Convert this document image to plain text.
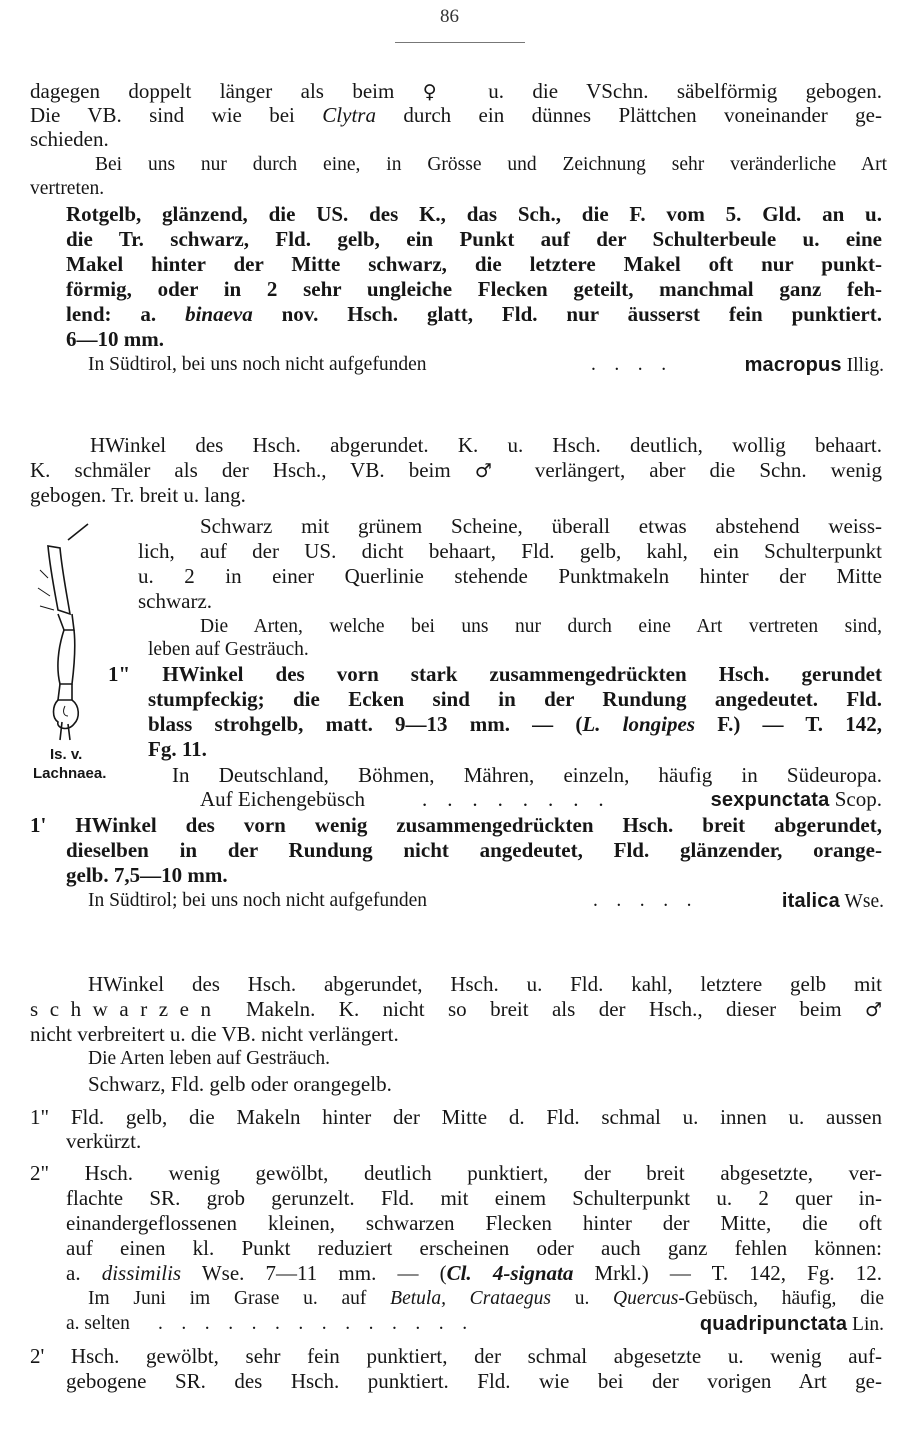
86
dagegen doppelt länger als beim ♀ u. die VSchn. säbelförmig gebogen.
Die VB. sind wie bei Clytra durch ein dünnes Plättchen voneinander ge-
schieden.
Bei uns nur durch eine, in Grösse und Zeichnung sehr veränderliche Art
vertreten.
Rotgelb, glänzend, die US. des K., das Sch., die F. vom 5. Gld. an u.
die Tr. schwarz, Fld. gelb, ein Punkt auf der Schulterbeule u. eine
Makel hinter der Mitte schwarz, die letztere Makel oft nur punkt-
förmig, oder in 2 sehr ungleiche Flecken geteilt, manchmal ganz feh-
lend: a. binaeva nov. Hsch. glatt, Fld. nur äusserst fein punktiert.
6—10 mm.
In Südtirol, bei uns noch nicht aufgefunden	. . . .	macropus Illig.
HWinkel des Hsch. abgerundet. K. u. Hsch. deutlich, wollig behaart.
K. schmäler als der Hsch., VB. beim ♂ verlängert, aber die Schn. wenig
gebogen. Tr. breit u. lang.
Is. v.
Lachnaea.
Schwarz mit grünem Scheine, überall etwas abstehend weiss-
lich, auf der US. dicht behaart, Fld. gelb, kahl, ein Schulterpunkt
u. 2 in einer Querlinie stehende Punktmakeln hinter der Mitte
schwarz.
Die Arten, welche bei uns nur durch eine Art vertreten sind,
leben auf Gesträuch.
1" HWinkel des vorn stark zusammengedrückten Hsch. gerundet
stumpfeckig; die Ecken sind in der Rundung angedeutet. Fld.
blass strohgelb, matt. 9—13 mm. — (L. longipes F.) — T. 142,
Fg. 11.
In Deutschland, Böhmen, Mähren, einzeln, häufig in Südeuropa.
Auf Eichengebüsch	. . . . . . . .	sexpunctata Scop.
1' HWinkel des vorn wenig zusammengedrückten Hsch. breit abgerundet,
dieselben in der Rundung nicht angedeutet, Fld. glänzender, orange-
gelb. 7,5—10 mm.
In Südtirol; bei uns noch nicht aufgefunden	. . . . .	italica Wse.
HWinkel des Hsch. abgerundet, Hsch. u. Fld. kahl, letztere gelb mit
schwarzen Makeln. K. nicht so breit als der Hsch., dieser beim ♂
nicht verbreitert u. die VB. nicht verlängert.
Die Arten leben auf Gesträuch.
Schwarz, Fld. gelb oder orangegelb.
1" Fld. gelb, die Makeln hinter der Mitte d. Fld. schmal u. innen u. aussen
verkürzt.
2" Hsch. wenig gewölbt, deutlich punktiert, der breit abgesetzte, ver-
flachte SR. grob gerunzelt. Fld. mit einem Schulterpunkt u. 2 quer in-
einandergeflossenen kleinen, schwarzen Flecken hinter der Mitte, die oft
auf einen kl. Punkt reduziert erscheinen oder auch ganz fehlen können:
a. dissimilis Wse. 7—11 mm. — (Cl. 4-signata Mrkl.) — T. 142, Fg. 12.
Im Juni im Grase u. auf Betula, Crataegus u. Quercus-Gebüsch, häufig, die
a. selten . . . . . . . . . . . . . .	quadripunctata Lin.
2' Hsch. gewölbt, sehr fein punktiert, der schmal abgesetzte u. wenig auf-
gebogene SR. des Hsch. punktiert. Fld. wie bei der vorigen Art ge-
